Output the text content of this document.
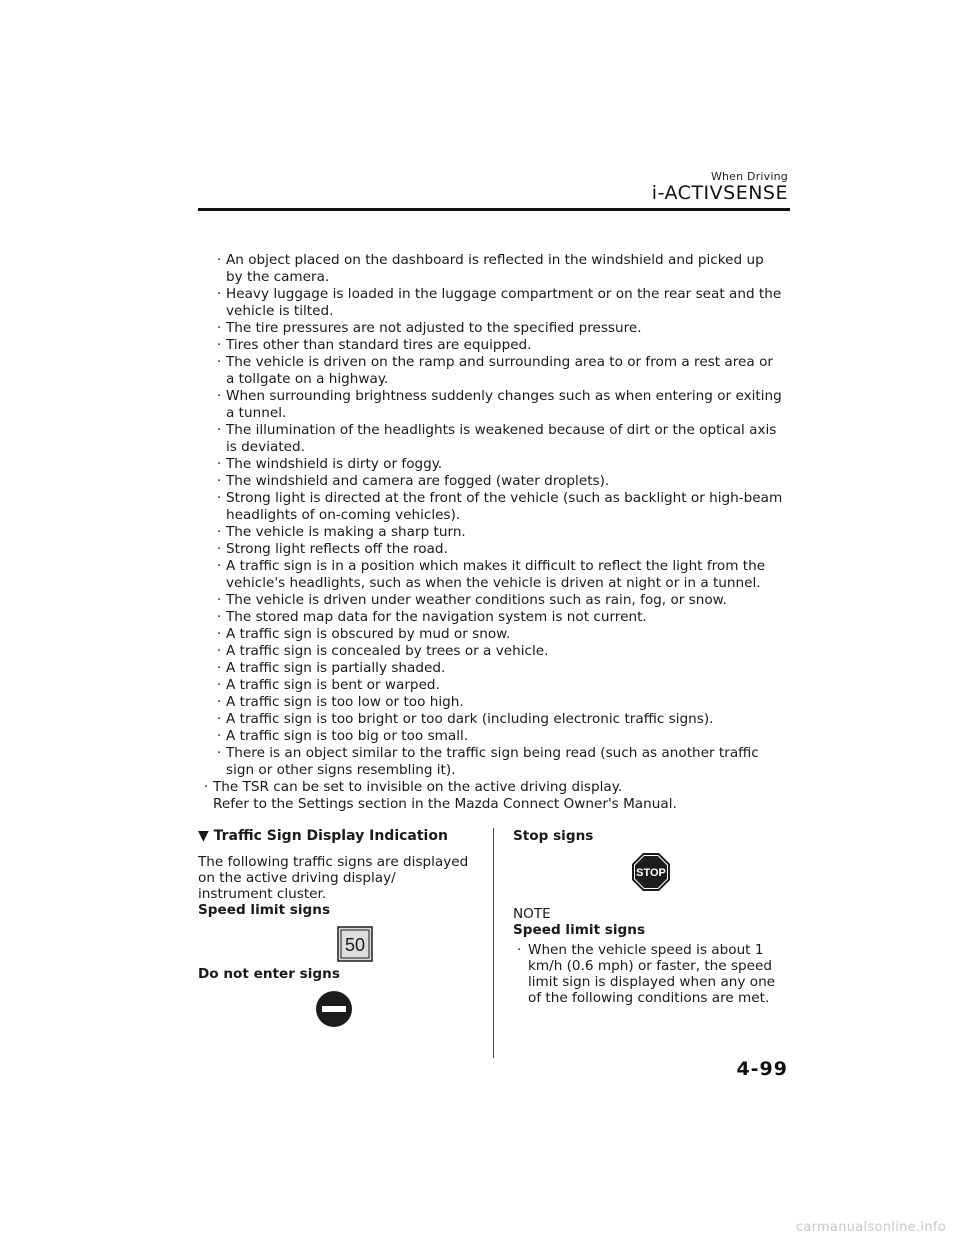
When Driving
i-ACTIVSENSE
· An object placed on the dashboard is reflected in the windshield and picked up

by the camera.

· Heavy luggage is loaded in the luggage compartment or on the rear seat and the

vehicle is tilted.

· The tire pressures are not adjusted to the specified pressure.

· Tires other than standard tires are equipped.

· The vehicle is driven on the ramp and surrounding area to or from a rest area or

a tollgate on a highway.

· When surrounding brightness suddenly changes such as when entering or exiting

a tunnel.

· The illumination of the headlights is weakened because of dirt or the optical axis

is deviated.

· The windshield is dirty or foggy.

· The windshield and camera are fogged (water droplets).

· Strong light is directed at the front of the vehicle (such as backlight or high-beam

headlights of on-coming vehicles).

· The vehicle is making a sharp turn.

· Strong light reflects off the road.

· A traffic sign is in a position which makes it difficult to reflect the light from the

vehicle's headlights, such as when the vehicle is driven at night or in a tunnel.

· The vehicle is driven under weather conditions such as rain, fog, or snow.

· The stored map data for the navigation system is not current.

· A traffic sign is obscured by mud or snow.

· A traffic sign is concealed by trees or a vehicle.

· A traffic sign is partially shaded.

· A traffic sign is bent or warped.

· A traffic sign is too low or too high.

· A traffic sign is too bright or too dark (including electronic traffic signs).

· A traffic sign is too big or too small.

· There is an object similar to the traffic sign being read (such as another traffic

sign or other signs resembling it).

· The TSR can be set to invisible on the active driving display.

Refer to the Settings section in the Mazda Connect Owner's Manual.

▼ Traffic Sign Display Indication

The following traffic signs are displayed

on the active driving display/

instrument cluster.

Speed limit signs

50

Do not enter signs

Stop signs

STOP

NOTE

Speed limit signs

· When the vehicle speed is about 1

km/h (0.6 mph) or faster, the speed

limit sign is displayed when any one

of the following conditions are met.

4-99
carmanualsonline.info
